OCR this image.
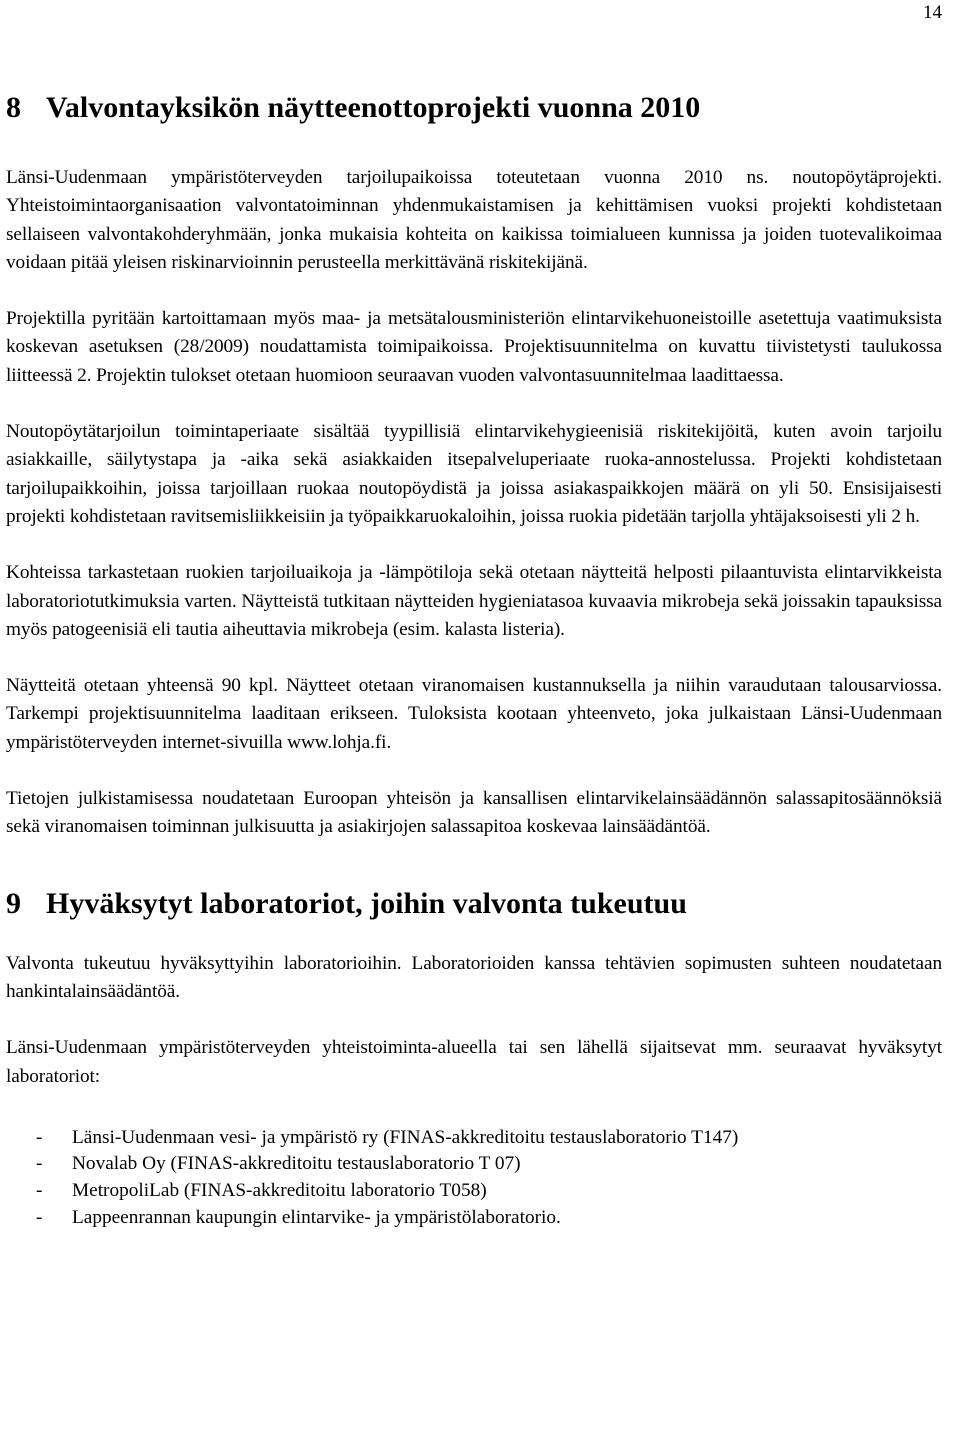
14
8 Valvontayksikön näytteenottoprojekti vuonna 2010

Länsi-Uudenmaan ympäristöterveyden tarjoilupaikoissa toteutetaan vuonna 2010 ns. noutopöytäprojekti. Yhteistoimintaorganisaation valvontatoiminnan yhdenmukaistamisen ja kehittämisen vuoksi projekti kohdistetaan sellaiseen valvontakohderyhmään, jonka mukaisia kohteita on kaikissa toimialueen kunnissa ja joiden tuotevalikoimaa voidaan pitää yleisen riskinarvioinnin perusteella merkittävänä riskitekijänä.

Projektilla pyritään kartoittamaan myös maa- ja metsätalousministeriön elintarvikehuoneistoille asetettuja vaatimuksista koskevan asetuksen (28/2009) noudattamista toimipaikoissa. Projektisuunnitelma on kuvattu tiivistetysti taulukossa liitteessä 2. Projektin tulokset otetaan huomioon seuraavan vuoden valvontasuunnitelmaa laadittaessa.

Noutopöytätarjoilun toimintaperiaate sisältää tyypillisiä elintarvikehygieenisiä riskitekijöitä, kuten avoin tarjoilu asiakkaille, säilytystapa ja -aika sekä asiakkaiden itsepalveluperiaate ruoka-annostelussa. Projekti kohdistetaan tarjoilupaikkoihin, joissa tarjoillaan ruokaa noutopöydistä ja joissa asiakaspaikkojen määrä on yli 50. Ensisijaisesti projekti kohdistetaan ravitsemisliikkeisiin ja työpaikkaruokaloihin, joissa ruokia pidetään tarjolla yhtäjaksoisesti yli 2 h.

Kohteissa tarkastetaan ruokien tarjoiluaikoja ja -lämpötiloja sekä otetaan näytteitä helposti pilaantuvista elintarvikkeista laboratoriotutkimuksia varten. Näytteistä tutkitaan näytteiden hygieniatasoa kuvaavia mikrobeja sekä joissakin tapauksissa myös patogeenisiä eli tautia aiheuttavia mikrobeja (esim. kalasta listeria).

Näytteitä otetaan yhteensä 90 kpl. Näytteet otetaan viranomaisen kustannuksella ja niihin varaudutaan talousarviossa. Tarkempi projektisuunnitelma laaditaan erikseen. Tuloksista kootaan yhteenveto, joka julkaistaan Länsi-Uudenmaan ympäristöterveyden internet-sivuilla www.lohja.fi.

Tietojen julkistamisessa noudatetaan Euroopan yhteisön ja kansallisen elintarvikelainsäädännön salassapitosäännöksiä sekä viranomaisen toiminnan julkisuutta ja asiakirjojen salassapitoa koskevaa lainsäädäntöä.

9 Hyväksytyt laboratoriot, joihin valvonta tukeutuu

Valvonta tukeutuu hyväksyttyihin laboratorioihin. Laboratorioiden kanssa tehtävien sopimusten suhteen noudatetaan hankintalainsäädäntöä.

Länsi-Uudenmaan ympäristöterveyden yhteistoiminta-alueella tai sen lähellä sijaitsevat mm. seuraavat hyväksytyt laboratoriot:

-	Länsi-Uudenmaan vesi- ja ympäristö ry (FINAS-akkreditoitu testauslaboratorio T147)
-	Novalab Oy (FINAS-akkreditoitu testauslaboratorio T 07)
-	MetropoliLab (FINAS-akkreditoitu laboratorio T058)
-	Lappeenrannan kaupungin elintarvike- ja ympäristölaboratorio.
